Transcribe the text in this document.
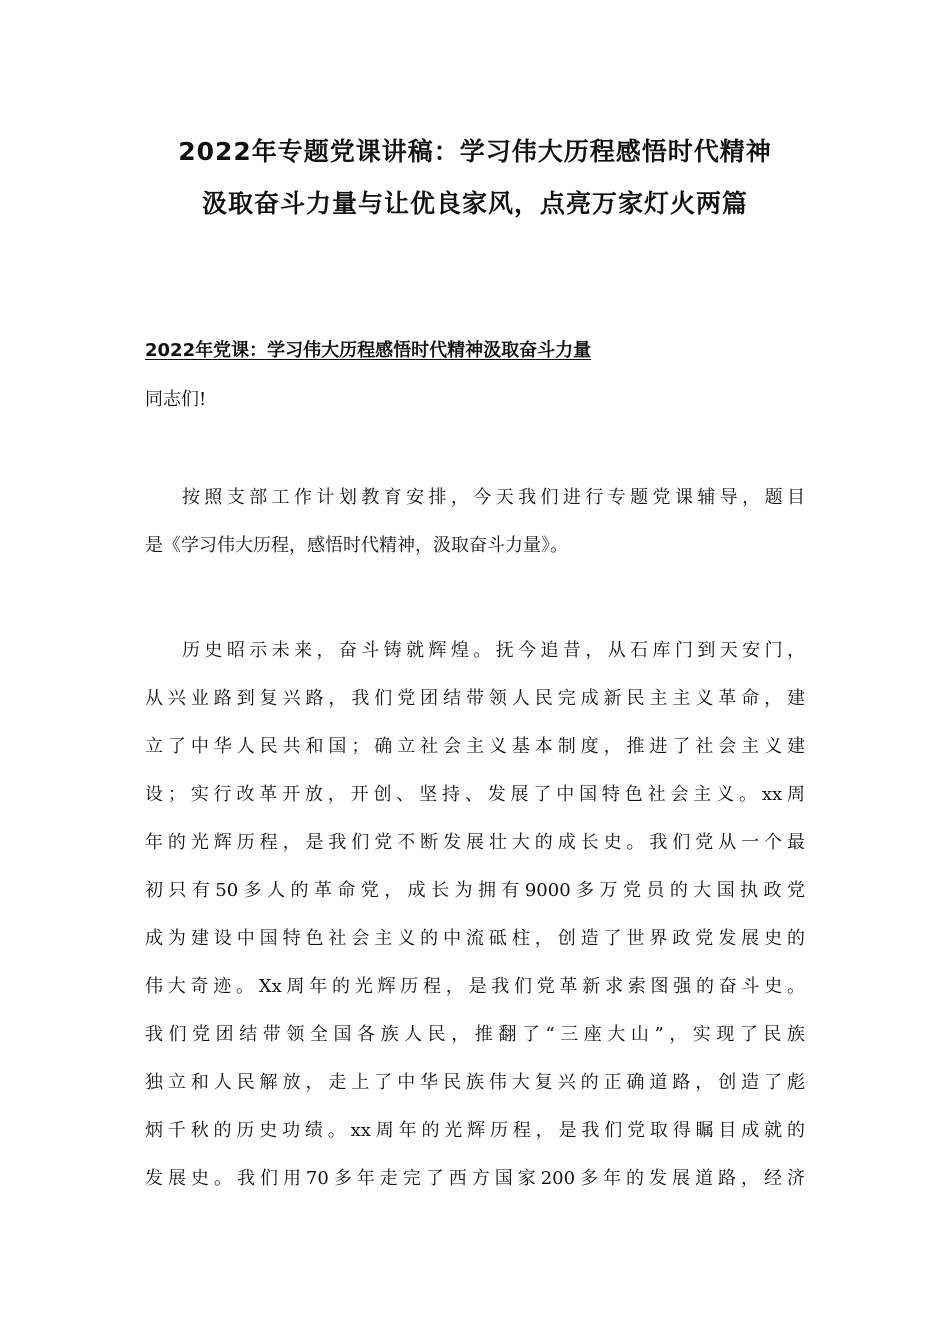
2022年专题党课讲稿：学习伟大历程感悟时代精神
汲取奋斗力量与让优良家风，点亮万家灯火两篇
2022年党课：学习伟大历程感悟时代精神汲取奋斗力量

同志们!

按照支部工作计划教育安排，今天我们进行专题党课辅导，题目
是《学习伟大历程，感悟时代精神，汲取奋斗力量》。
历史昭示未来，奋斗铸就辉煌。抚今追昔，从石库门到天安门，
从兴业路到复兴路，我们党团结带领人民完成新民主主义革命，建
立了中华人民共和国；确立社会主义基本制度，推进了社会主义建
设；实行改革开放，开创、坚持、发展了中国特色社会主义。xx周
年的光辉历程，是我们党不断发展壮大的成长史。我们党从一个最
初只有50多人的革命党，成长为拥有9000多万党员的大国执政党
成为建设中国特色社会主义的中流砥柱，创造了世界政党发展史的
伟大奇迹。Xx周年的光辉历程，是我们党革新求索图强的奋斗史。
我们党团结带领全国各族人民，推翻了“三座大山”，实现了民族
独立和人民解放，走上了中华民族伟大复兴的正确道路，创造了彪
炳千秋的历史功绩。xx周年的光辉历程，是我们党取得瞩目成就的
发展史。我们用70多年走完了西方国家200多年的发展道路，经济
